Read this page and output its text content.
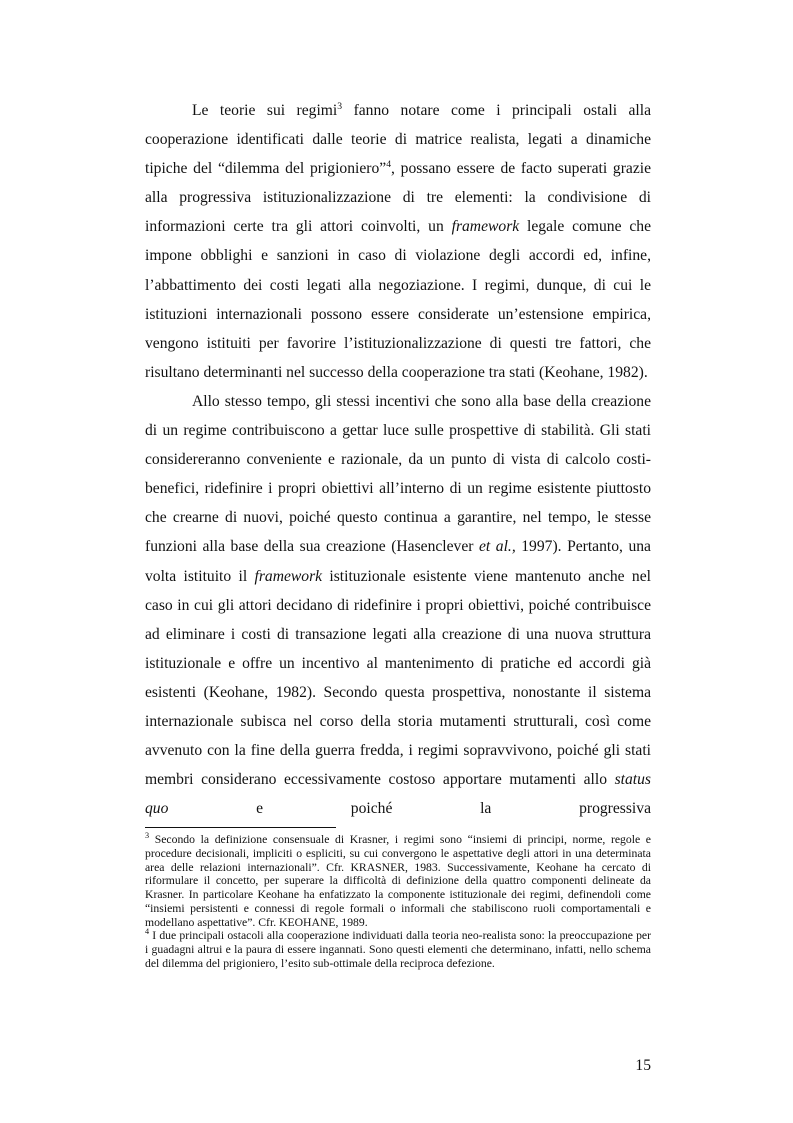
Le teorie sui regimi$^3$ fanno notare come i principali ostali alla cooperazione identificati dalle teorie di matrice realista, legati a dinamiche tipiche del “dilemma del prigioniero”$^4$, possano essere de facto superati grazie alla progressiva istituzionalizzazione di tre elementi: la condivisione di informazioni certe tra gli attori coinvolti, un framework legale comune che impone obblighi e sanzioni in caso di violazione degli accordi ed, infine, l’abbattimento dei costi legati alla negoziazione. I regimi, dunque, di cui le istituzioni internazionali possono essere considerate un’estensione empirica, vengono istituiti per favorire l’istituzionalizzazione di questi tre fattori, che risultano determinanti nel successo della cooperazione tra stati (Keohane, 1982).

Allo stesso tempo, gli stessi incentivi che sono alla base della creazione di un regime contribuiscono a gettar luce sulle prospettive di stabilità. Gli stati considereranno conveniente e razionale, da un punto di vista di calcolo costi-benefici, ridefinire i propri obiettivi all’interno di un regime esistente piuttosto che crearne di nuovi, poiché questo continua a garantire, nel tempo, le stesse funzioni alla base della sua creazione (Hasenclever et al., 1997). Pertanto, una volta istituito il framework istituzionale esistente viene mantenuto anche nel caso in cui gli attori decidano di ridefinire i propri obiettivi, poiché contribuisce ad eliminare i costi di transazione legati alla creazione di una nuova struttura istituzionale e offre un incentivo al mantenimento di pratiche ed accordi già esistenti (Keohane, 1982). Secondo questa prospettiva, nonostante il sistema internazionale subisca nel corso della storia mutamenti strutturali, così come avvenuto con la fine della guerra fredda, i regimi sopravvivono, poiché gli stati membri considerano eccessivamente costoso apportare mutamenti allo status quo e poiché la progressiva

$^3$ Secondo la definizione consensuale di Krasner, i regimi sono “insiemi di principi, norme, regole e procedure decisionali, impliciti o espliciti, su cui convergono le aspettative degli attori in una determinata area delle relazioni internazionali”. Cfr. KRASNER, 1983. Successivamente, Keohane ha cercato di riformulare il concetto, per superare la difficoltà di definizione della quattro componenti delineate da Krasner. In particolare Keohane ha enfatizzato la componente istituzionale dei regimi, definendoli come “insiemi persistenti e connessi di regole formali o informali che stabiliscono ruoli comportamentali e modellano aspettative”. Cfr. KEOHANE, 1989.

$^4$ I due principali ostacoli alla cooperazione individuati dalla teoria neo-realista sono: la preoccupazione per i guadagni altrui e la paura di essere ingannati. Sono questi elementi che determinano, infatti, nello schema del dilemma del prigioniero, l’esito sub-ottimale della reciproca defezione.

15
